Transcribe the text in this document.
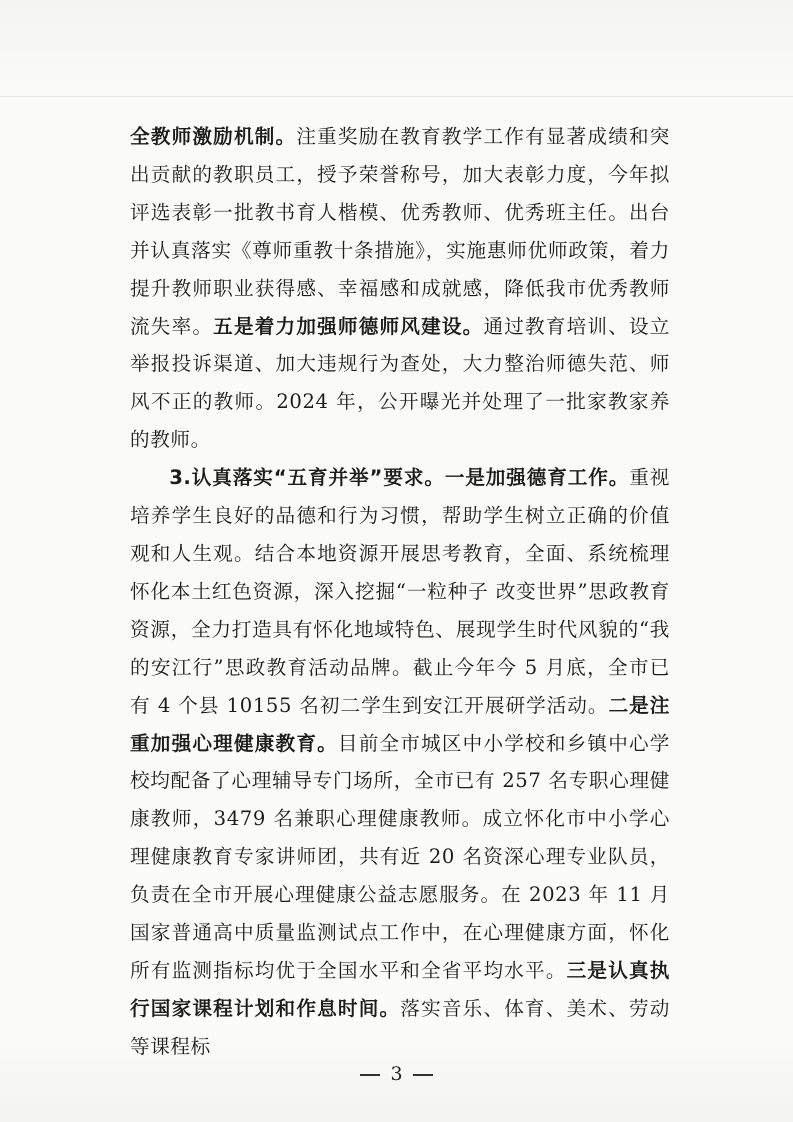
全教师激励机制。注重奖励在教育教学工作有显著成绩和突出贡献的教职员工，授予荣誉称号，加大表彰力度，今年拟评选表彰一批教书育人楷模、优秀教师、优秀班主任。出台并认真落实《尊师重教十条措施》，实施惠师优师政策，着力提升教师职业获得感、幸福感和成就感，降低我市优秀教师流失率。五是着力加强师德师风建设。通过教育培训、设立举报投诉渠道、加大违规行为查处，大力整治师德失范、师风不正的教师。2024 年，公开曝光并处理了一批家教家养的教师。

3.认真落实“五育并举”要求。一是加强德育工作。重视培养学生良好的品德和行为习惯，帮助学生树立正确的价值观和人生观。结合本地资源开展思考教育，全面、系统梳理怀化本土红色资源，深入挖掘“一粒种子 改变世界”思政教育资源，全力打造具有怀化地域特色、展现学生时代风貌的“我的安江行”思政教育活动品牌。截止今年今 5 月底，全市已有 4 个县 10155 名初二学生到安江开展研学活动。二是注重加强心理健康教育。目前全市城区中小学校和乡镇中心学校均配备了心理辅导专门场所，全市已有 257 名专职心理健康教师，3479 名兼职心理健康教师。成立怀化市中小学心理健康教育专家讲师团，共有近 20 名资深心理专业队员，负责在全市开展心理健康公益志愿服务。在 2023 年 11 月国家普通高中质量监测试点工作中，在心理健康方面，怀化所有监测指标均优于全国水平和全省平均水平。三是认真执行国家课程计划和作息时间。落实音乐、体育、美术、劳动等课程标

3
